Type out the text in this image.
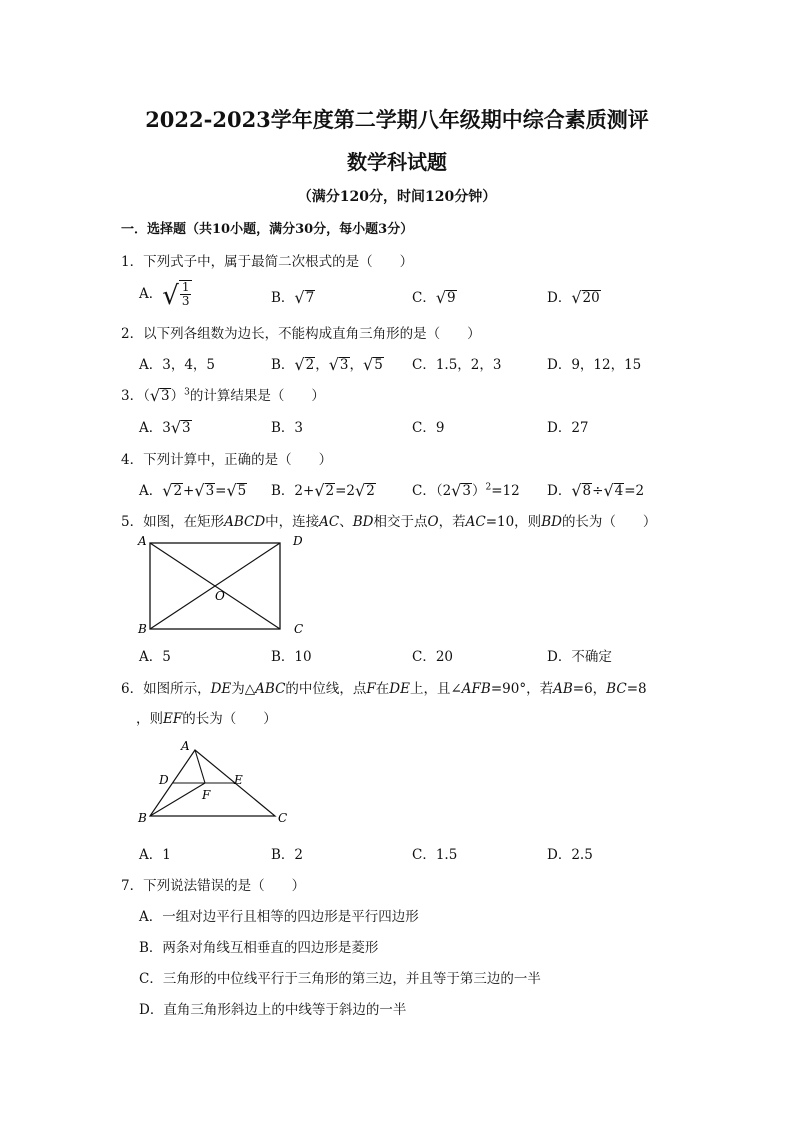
2022-2023学年度第二学期八年级期中综合素质测评
数学科试题
（满分120分，时间120分钟）
一．选择题（共10小题，满分30分，每小题3分）
1．下列式子中，属于最简二次根式的是（　　）
A．√ $\frac{1}{3}$	B．√7	C．√9	D．√20
2．以下列各组数为边长，不能构成直角三角形的是（　　）
A．3，4，5	B．√2，√3，√5 C．1.5，2，3	D．9，12，15
3．$(√3)^3$的计算结果是（　　）
A．3√3	B．3	C．9	D．27
4．下列计算中，正确的是（　　）
A．√2+√3=√5 B．2+√2=2√2	C．$(2√3)^2=12$ D．√8÷√4=2
5．如图，在矩形ABCD中，连接AC、BD相交于点O，若AC=10，则BD的长为（　　）
A	D
B	C
O
A．5	B．10	C．20	D．不确定
6．如图所示，DE为△ABC的中位线，点F在DE上，且∠AFB=90°，若AB=6，BC=8
，则EF的长为（　　）
A
D	E
F
B	C
A．1	B．2	C．1.5	D．2.5
7．下列说法错误的是（　　）
A．一组对边平行且相等的四边形是平行四边形
B．两条对角线互相垂直的四边形是菱形
C．三角形的中位线平行于三角形的第三边，并且等于第三边的一半
D．直角三角形斜边上的中线等于斜边的一半
